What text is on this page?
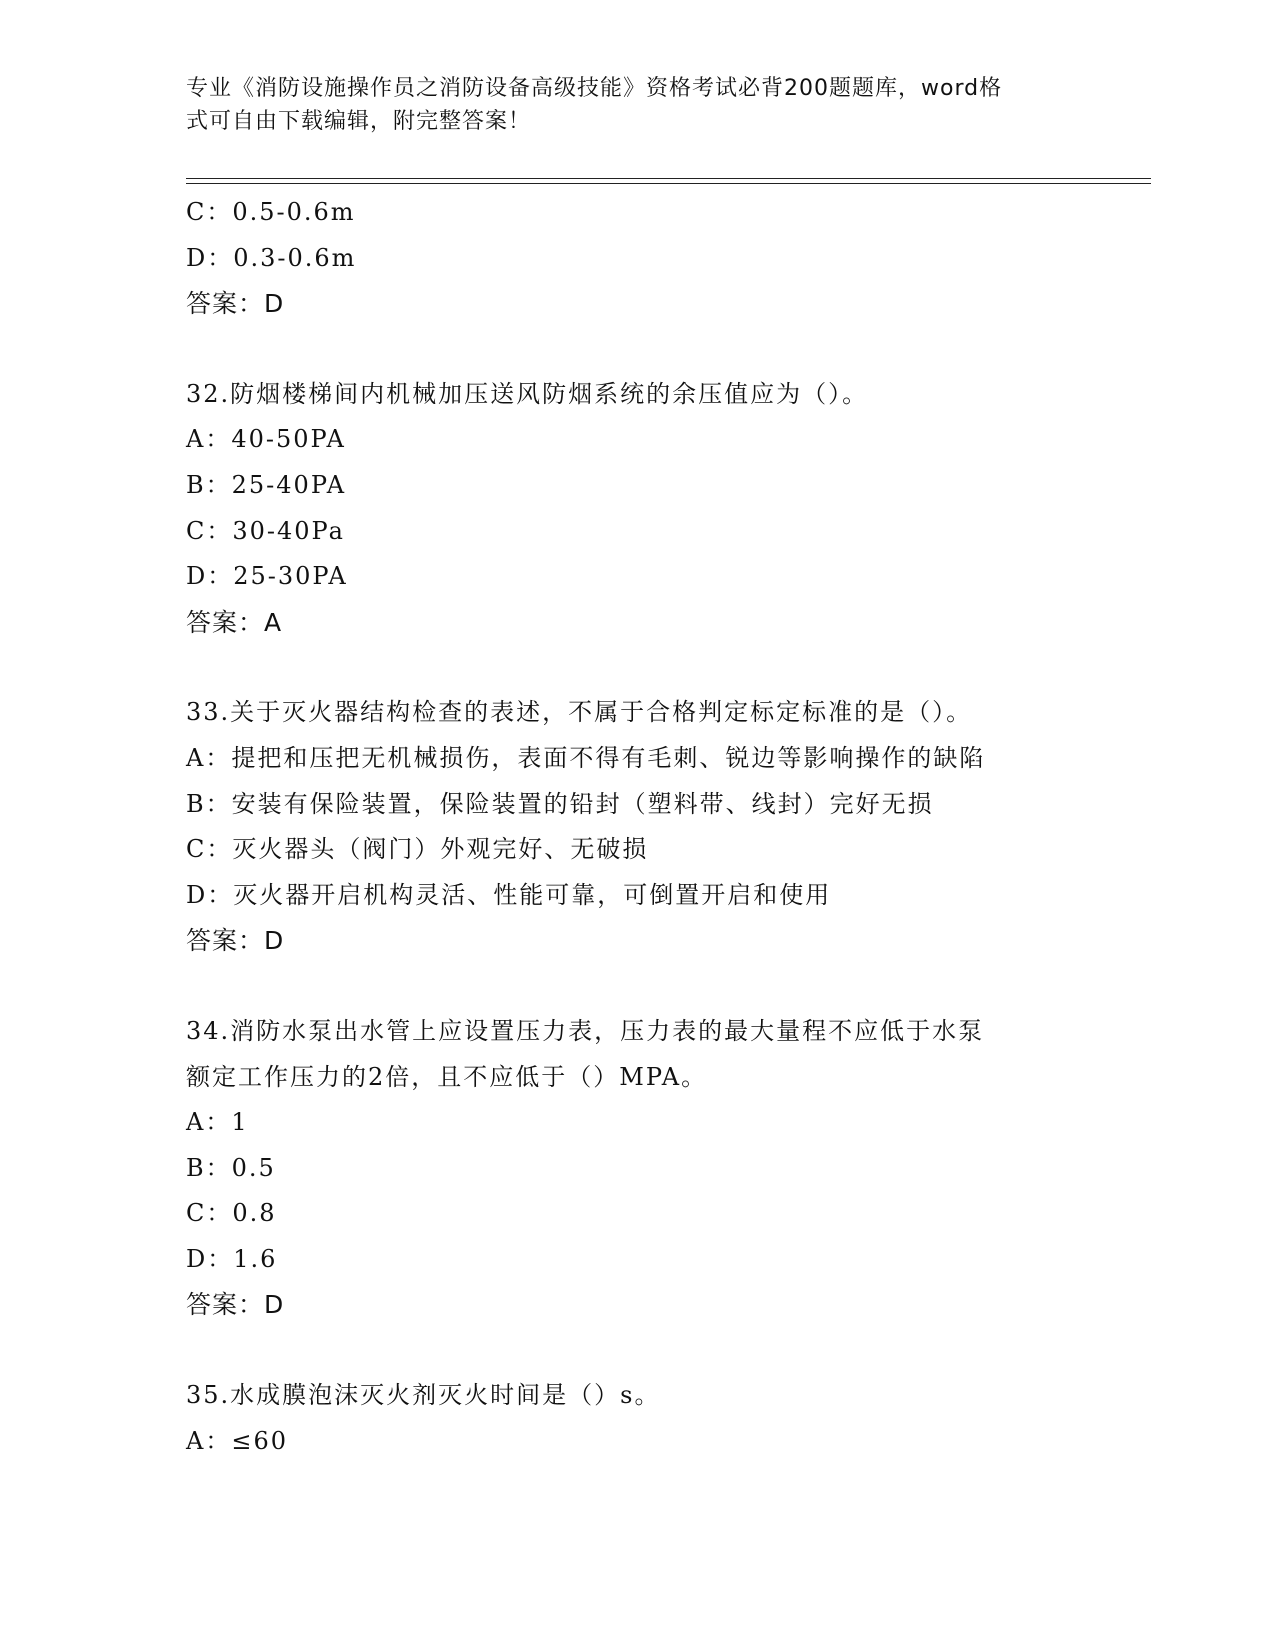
专业《消防设施操作员之消防设备高级技能》资格考试必背200题题库，word格
式可自由下载编辑，附完整答案！
C：0.5-0.6m
D：0.3-0.6m
答案：D
32.防烟楼梯间内机械加压送风防烟系统的余压值应为（）。
A：40-50PA
B：25-40PA
C：30-40Pa
D：25-30PA
答案：A
33.关于灭火器结构检查的表述，不属于合格判定标定标准的是（）。
A：提把和压把无机械损伤，表面不得有毛刺、锐边等影响操作的缺陷
B：安装有保险装置，保险装置的铅封（塑料带、线封）完好无损
C：灭火器头（阀门）外观完好、无破损
D：灭火器开启机构灵活、性能可靠，可倒置开启和使用
答案：D
34.消防水泵出水管上应设置压力表，压力表的最大量程不应低于水泵
额定工作压力的2倍，且不应低于（）MPA。
A：1
B：0.5
C：0.8
D：1.6
答案：D
35.水成膜泡沫灭火剂灭火时间是（）s。
A：≤60
